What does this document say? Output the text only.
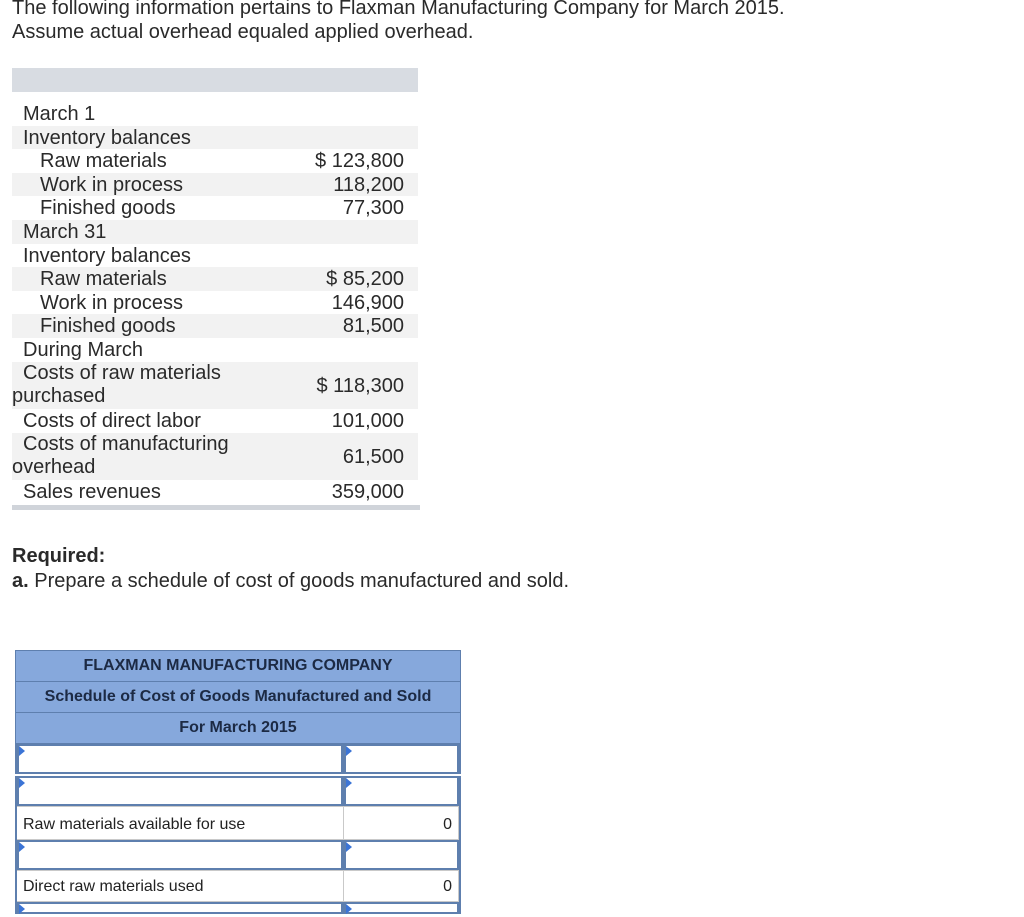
The following information pertains to Flaxman Manufacturing Company for March 2015.
Assume actual overhead equaled applied overhead.
March 1
Inventory balances
Raw materials	$ 123,800
Work in process	118,200
Finished goods	77,300
March 31
Inventory balances
Raw materials	$ 85,200
Work in process	146,900
Finished goods	81,500
During March
Costs of raw materials
purchased	$ 118,300
Costs of direct labor	101,000
Costs of manufacturing
overhead	61,500
Sales revenues	359,000
Required:
a. Prepare a schedule of cost of goods manufactured and sold.
FLAXMAN MANUFACTURING COMPANY
Schedule of Cost of Goods Manufactured and Sold
For March 2015
Raw materials available for use	0
Direct raw materials used	0
